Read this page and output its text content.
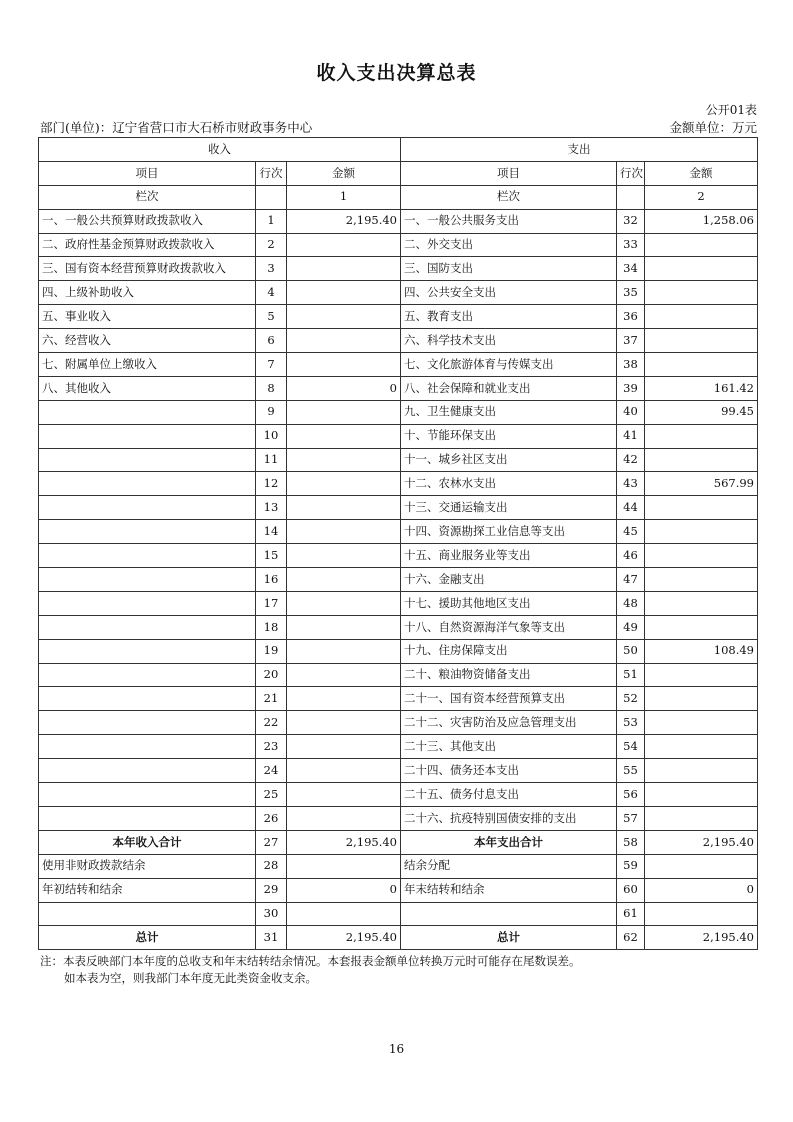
收入支出决算总表
公开01表
部门(单位)：辽宁省营口市大石桥市财政事务中心	金额单位：万元
收入			支出		
项目	行次	金额	项目	行次	金额
栏次		1	栏次		2
一、一般公共预算财政拨款收入	1	2,195.40	一、一般公共服务支出	32	1,258.06
二、政府性基金预算财政拨款收入	2		二、外交支出	33	
三、国有资本经营预算财政拨款收入	3		三、国防支出	34	
四、上级补助收入	4		四、公共安全支出	35	
五、事业收入	5		五、教育支出	36	
六、经营收入	6		六、科学技术支出	37	
七、附属单位上缴收入	7		七、文化旅游体育与传媒支出	38	
八、其他收入	8	0	八、社会保障和就业支出	39	161.42
	9		九、卫生健康支出	40	99.45
	10		十、节能环保支出	41	
	11		十一、城乡社区支出	42	
	12		十二、农林水支出	43	567.99
	13		十三、交通运输支出	44	
	14		十四、资源勘探工业信息等支出	45	
	15		十五、商业服务业等支出	46	
	16		十六、金融支出	47	
	17		十七、援助其他地区支出	48	
	18		十八、自然资源海洋气象等支出	49	
	19		十九、住房保障支出	50	108.49
	20		二十、粮油物资储备支出	51	
	21		二十一、国有资本经营预算支出	52	
	22		二十二、灾害防治及应急管理支出	53	
	23		二十三、其他支出	54	
	24		二十四、债务还本支出	55	
	25		二十五、债务付息支出	56	
	26		二十六、抗疫特别国债安排的支出	57	
本年收入合计	27	2,195.40	本年支出合计	58	2,195.40
使用非财政拨款结余	28		结余分配	59	
年初结转和结余	29	0	年末结转和结余	60	0
	30			61	
总计	31	2,195.40	总计	62	2,195.40
注：本表反映部门本年度的总收支和年末结转结余情况。本套报表金额单位转换万元时可能存在尾数误差。
如本表为空，则我部门本年度无此类资金收支余。
16
